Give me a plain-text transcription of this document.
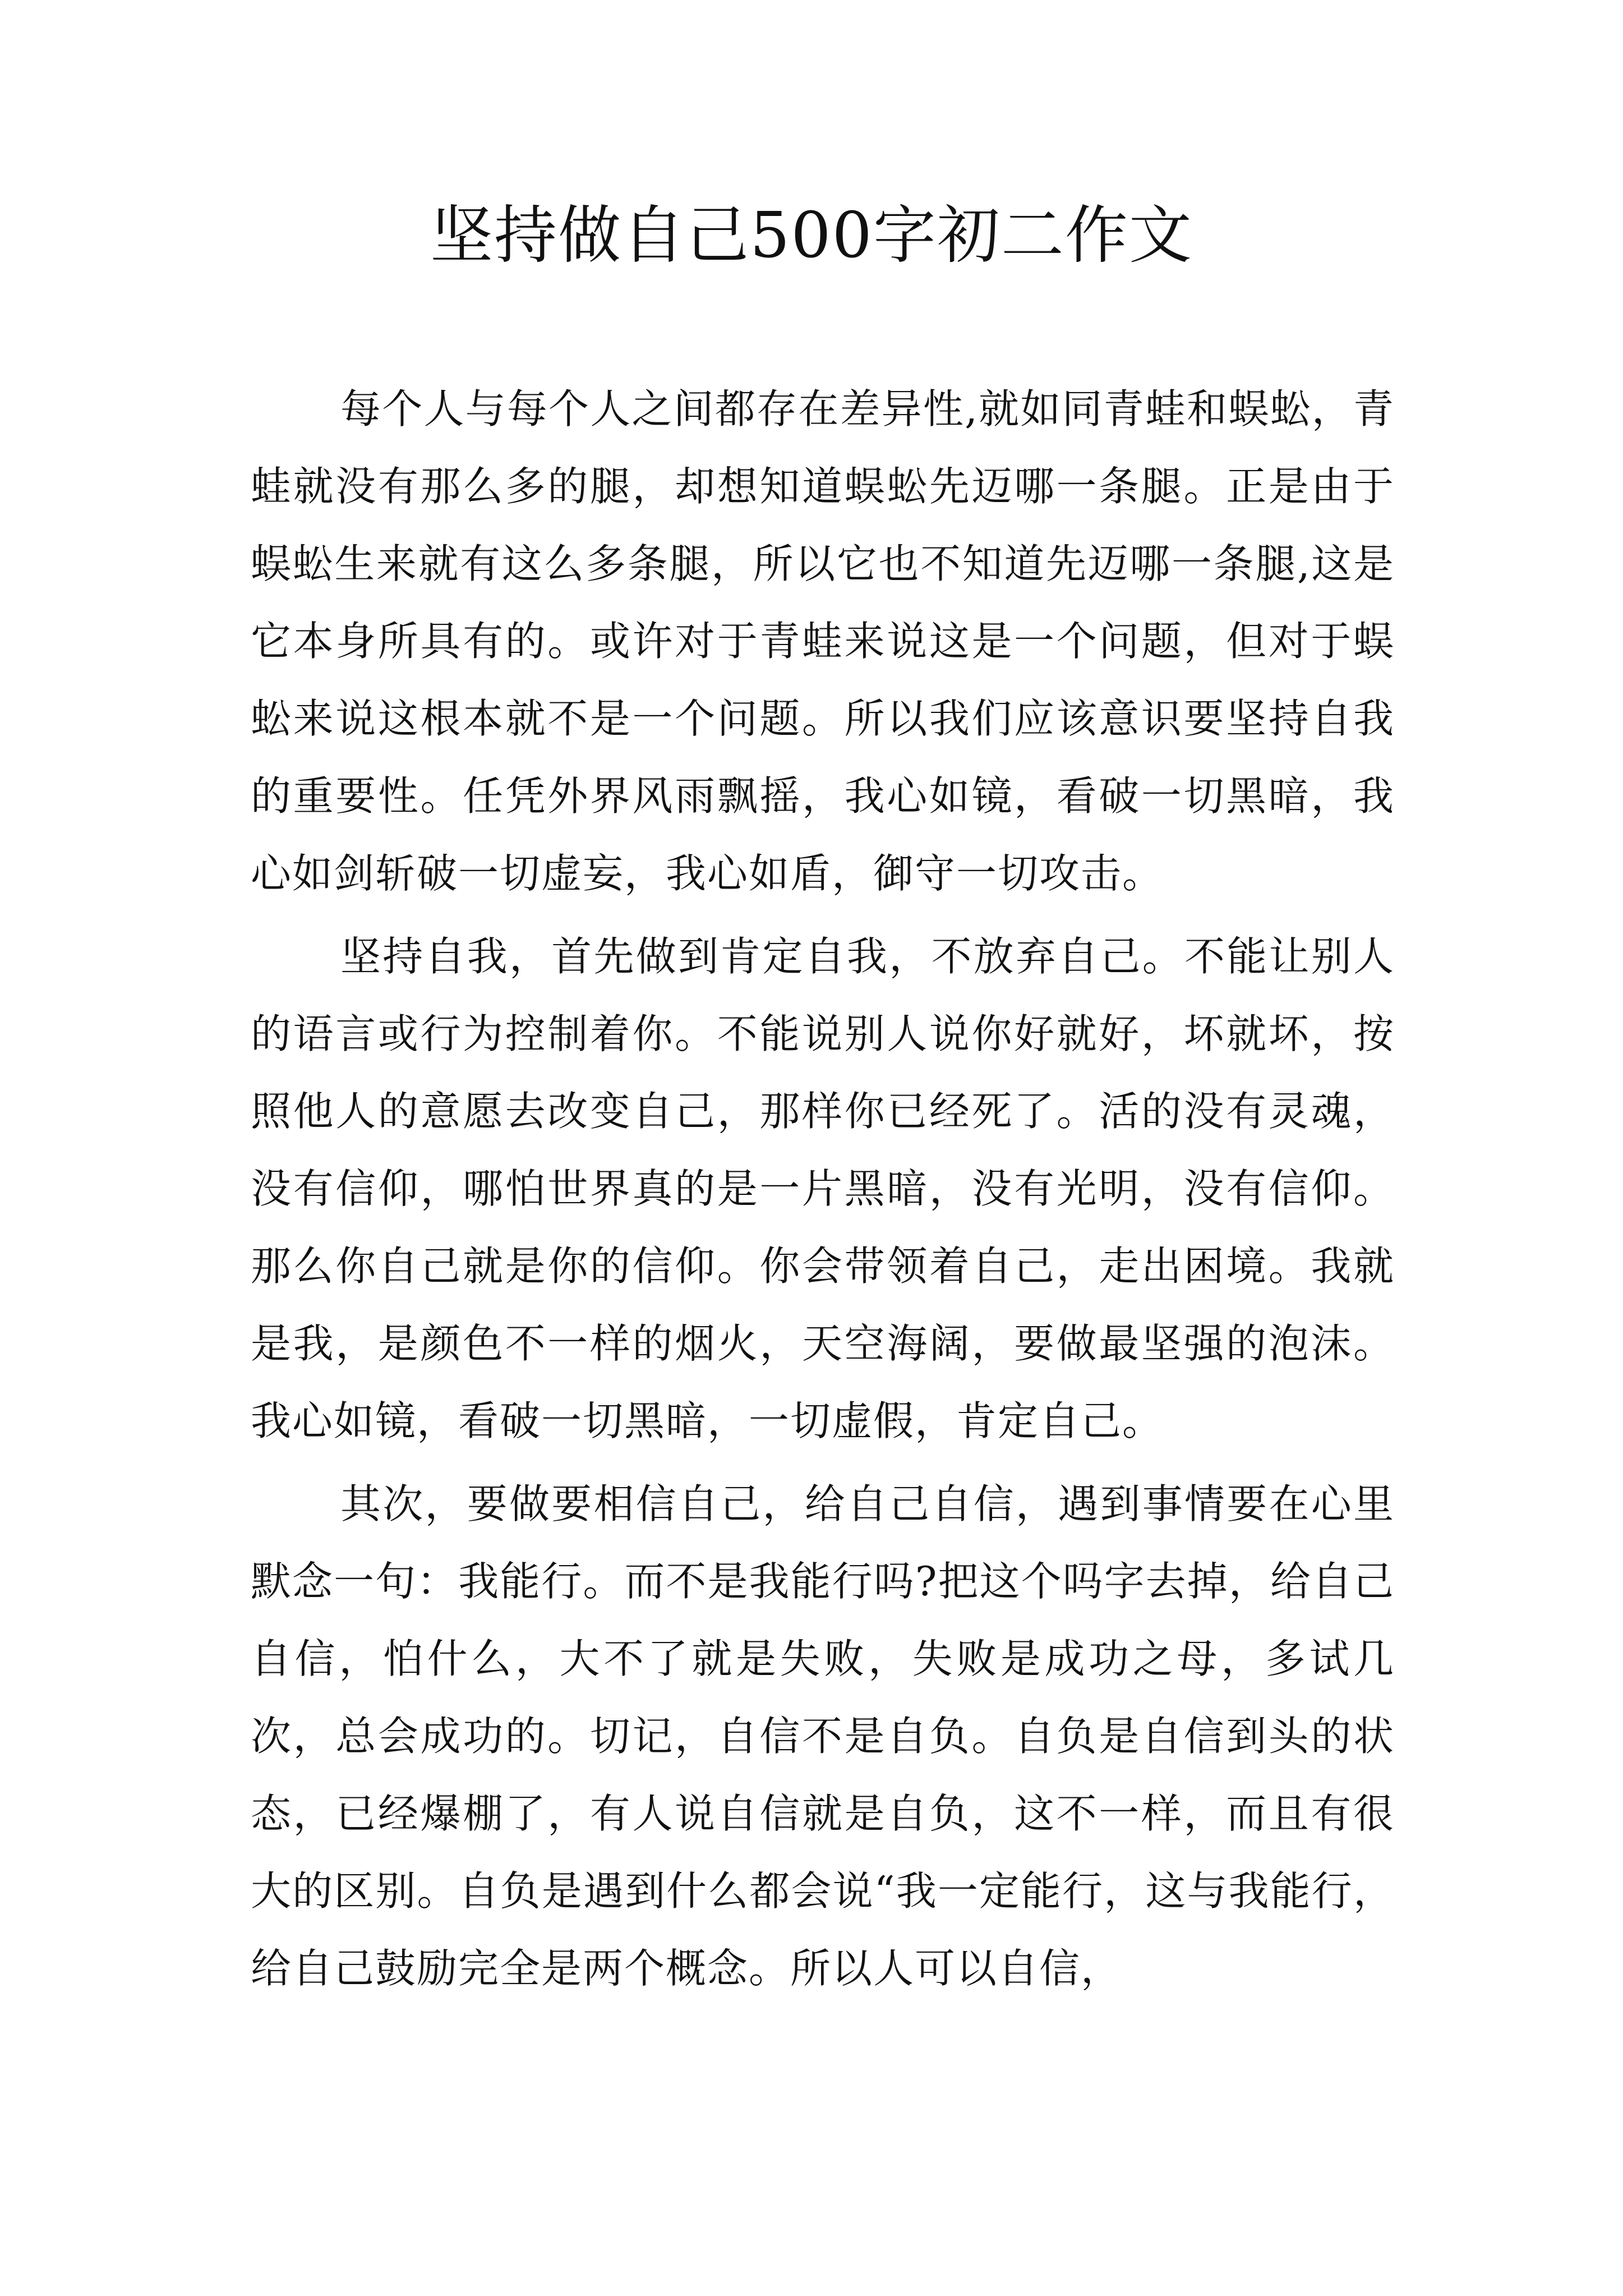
坚持做自己500字初二作文

每个人与每个人之间都存在差异性,就如同青蛙和蜈蚣，青蛙就没有那么多的腿，却想知道蜈蚣先迈哪一条腿。正是由于蜈蚣生来就有这么多条腿，所以它也不知道先迈哪一条腿,这是它本身所具有的。或许对于青蛙来说这是一个问题，但对于蜈蚣来说这根本就不是一个问题。所以我们应该意识要坚持自我的重要性。任凭外界风雨飘摇，我心如镜，看破一切黑暗，我心如剑斩破一切虚妄，我心如盾，御守一切攻击。

坚持自我，首先做到肯定自我，不放弃自己。不能让别人的语言或行为控制着你。不能说别人说你好就好，坏就坏，按照他人的意愿去改变自己，那样你已经死了。活的没有灵魂，没有信仰，哪怕世界真的是一片黑暗，没有光明，没有信仰。那么你自己就是你的信仰。你会带领着自己，走出困境。我就是我，是颜色不一样的烟火，天空海阔，要做最坚强的泡沫。我心如镜，看破一切黑暗，一切虚假，肯定自己。

其次，要做要相信自己，给自己自信，遇到事情要在心里默念一句：我能行。而不是我能行吗?把这个吗字去掉，给自己自信，怕什么，大不了就是失败，失败是成功之母，多试几次，总会成功的。切记，自信不是自负。自负是自信到头的状态，已经爆棚了，有人说自信就是自负，这不一样，而且有很大的区别。自负是遇到什么都会说“我一定能行，这与我能行，给自己鼓励完全是两个概念。所以人可以自信，
